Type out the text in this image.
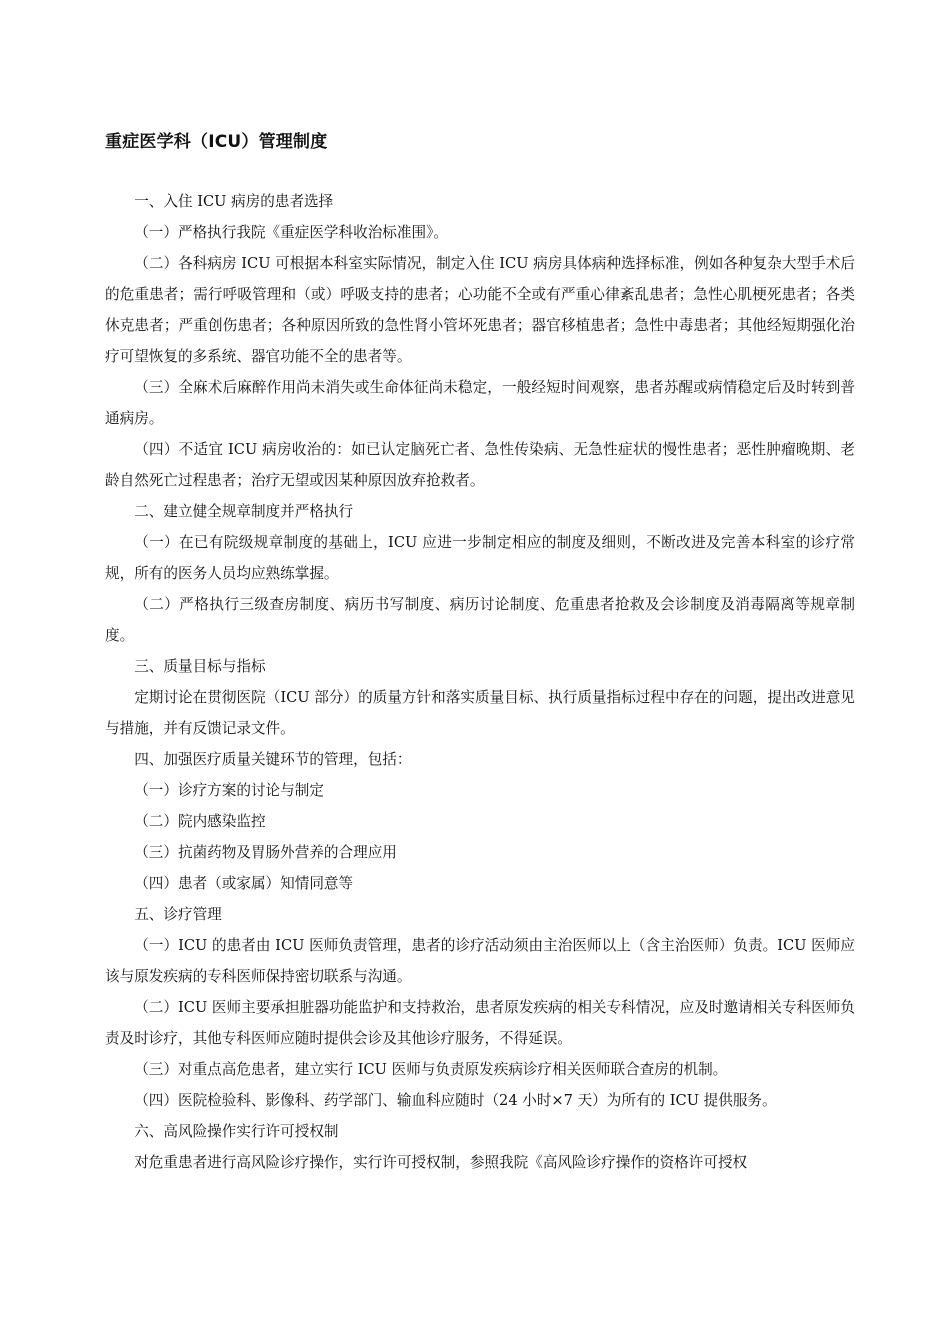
重症医学科（ICU）管理制度

一、入住 ICU 病房的患者选择

（一）严格执行我院《重症医学科收治标准围》。

（二）各科病房 ICU 可根据本科室实际情况，制定入住 ICU 病房具体病种选择标准，例如各种复杂大型手术后的危重患者；需行呼吸管理和（或）呼吸支持的患者；心功能不全或有严重心律紊乱患者；急性心肌梗死患者；各类休克患者；严重创伤患者；各种原因所致的急性肾小管坏死患者；器官移植患者；急性中毒患者；其他经短期强化治疗可望恢复的多系统、器官功能不全的患者等。

（三）全麻术后麻醉作用尚未消失或生命体征尚未稳定，一般经短时间观察，患者苏醒或病情稳定后及时转到普通病房。

（四）不适宜 ICU 病房收治的：如已认定脑死亡者、急性传染病、无急性症状的慢性患者；恶性肿瘤晚期、老龄自然死亡过程患者；治疗无望或因某种原因放弃抢救者。

二、建立健全规章制度并严格执行

（一）在已有院级规章制度的基础上，ICU 应进一步制定相应的制度及细则，不断改进及完善本科室的诊疗常规，所有的医务人员均应熟练掌握。

（二）严格执行三级查房制度、病历书写制度、病历讨论制度、危重患者抢救及会诊制度及消毒隔离等规章制度。

三、质量目标与指标

定期讨论在贯彻医院（ICU 部分）的质量方针和落实质量目标、执行质量指标过程中存在的问题，提出改进意见与措施，并有反馈记录文件。

四、加强医疗质量关键环节的管理，包括：

（一）诊疗方案的讨论与制定

（二）院内感染监控

（三）抗菌药物及胃肠外营养的合理应用

（四）患者（或家属）知情同意等

五、诊疗管理

（一）ICU 的患者由 ICU 医师负责管理，患者的诊疗活动须由主治医师以上（含主治医师）负责。ICU 医师应该与原发疾病的专科医师保持密切联系与沟通。

（二）ICU 医师主要承担脏器功能监护和支持救治，患者原发疾病的相关专科情况，应及时邀请相关专科医师负责及时诊疗，其他专科医师应随时提供会诊及其他诊疗服务，不得延误。

（三）对重点高危患者，建立实行 ICU 医师与负责原发疾病诊疗相关医师联合查房的机制。

（四）医院检验科、影像科、药学部门、输血科应随时（24 小时×7 天）为所有的 ICU 提供服务。

六、高风险操作实行许可授权制

对危重患者进行高风险诊疗操作，实行许可授权制，参照我院《高风险诊疗操作的资格许可授权
